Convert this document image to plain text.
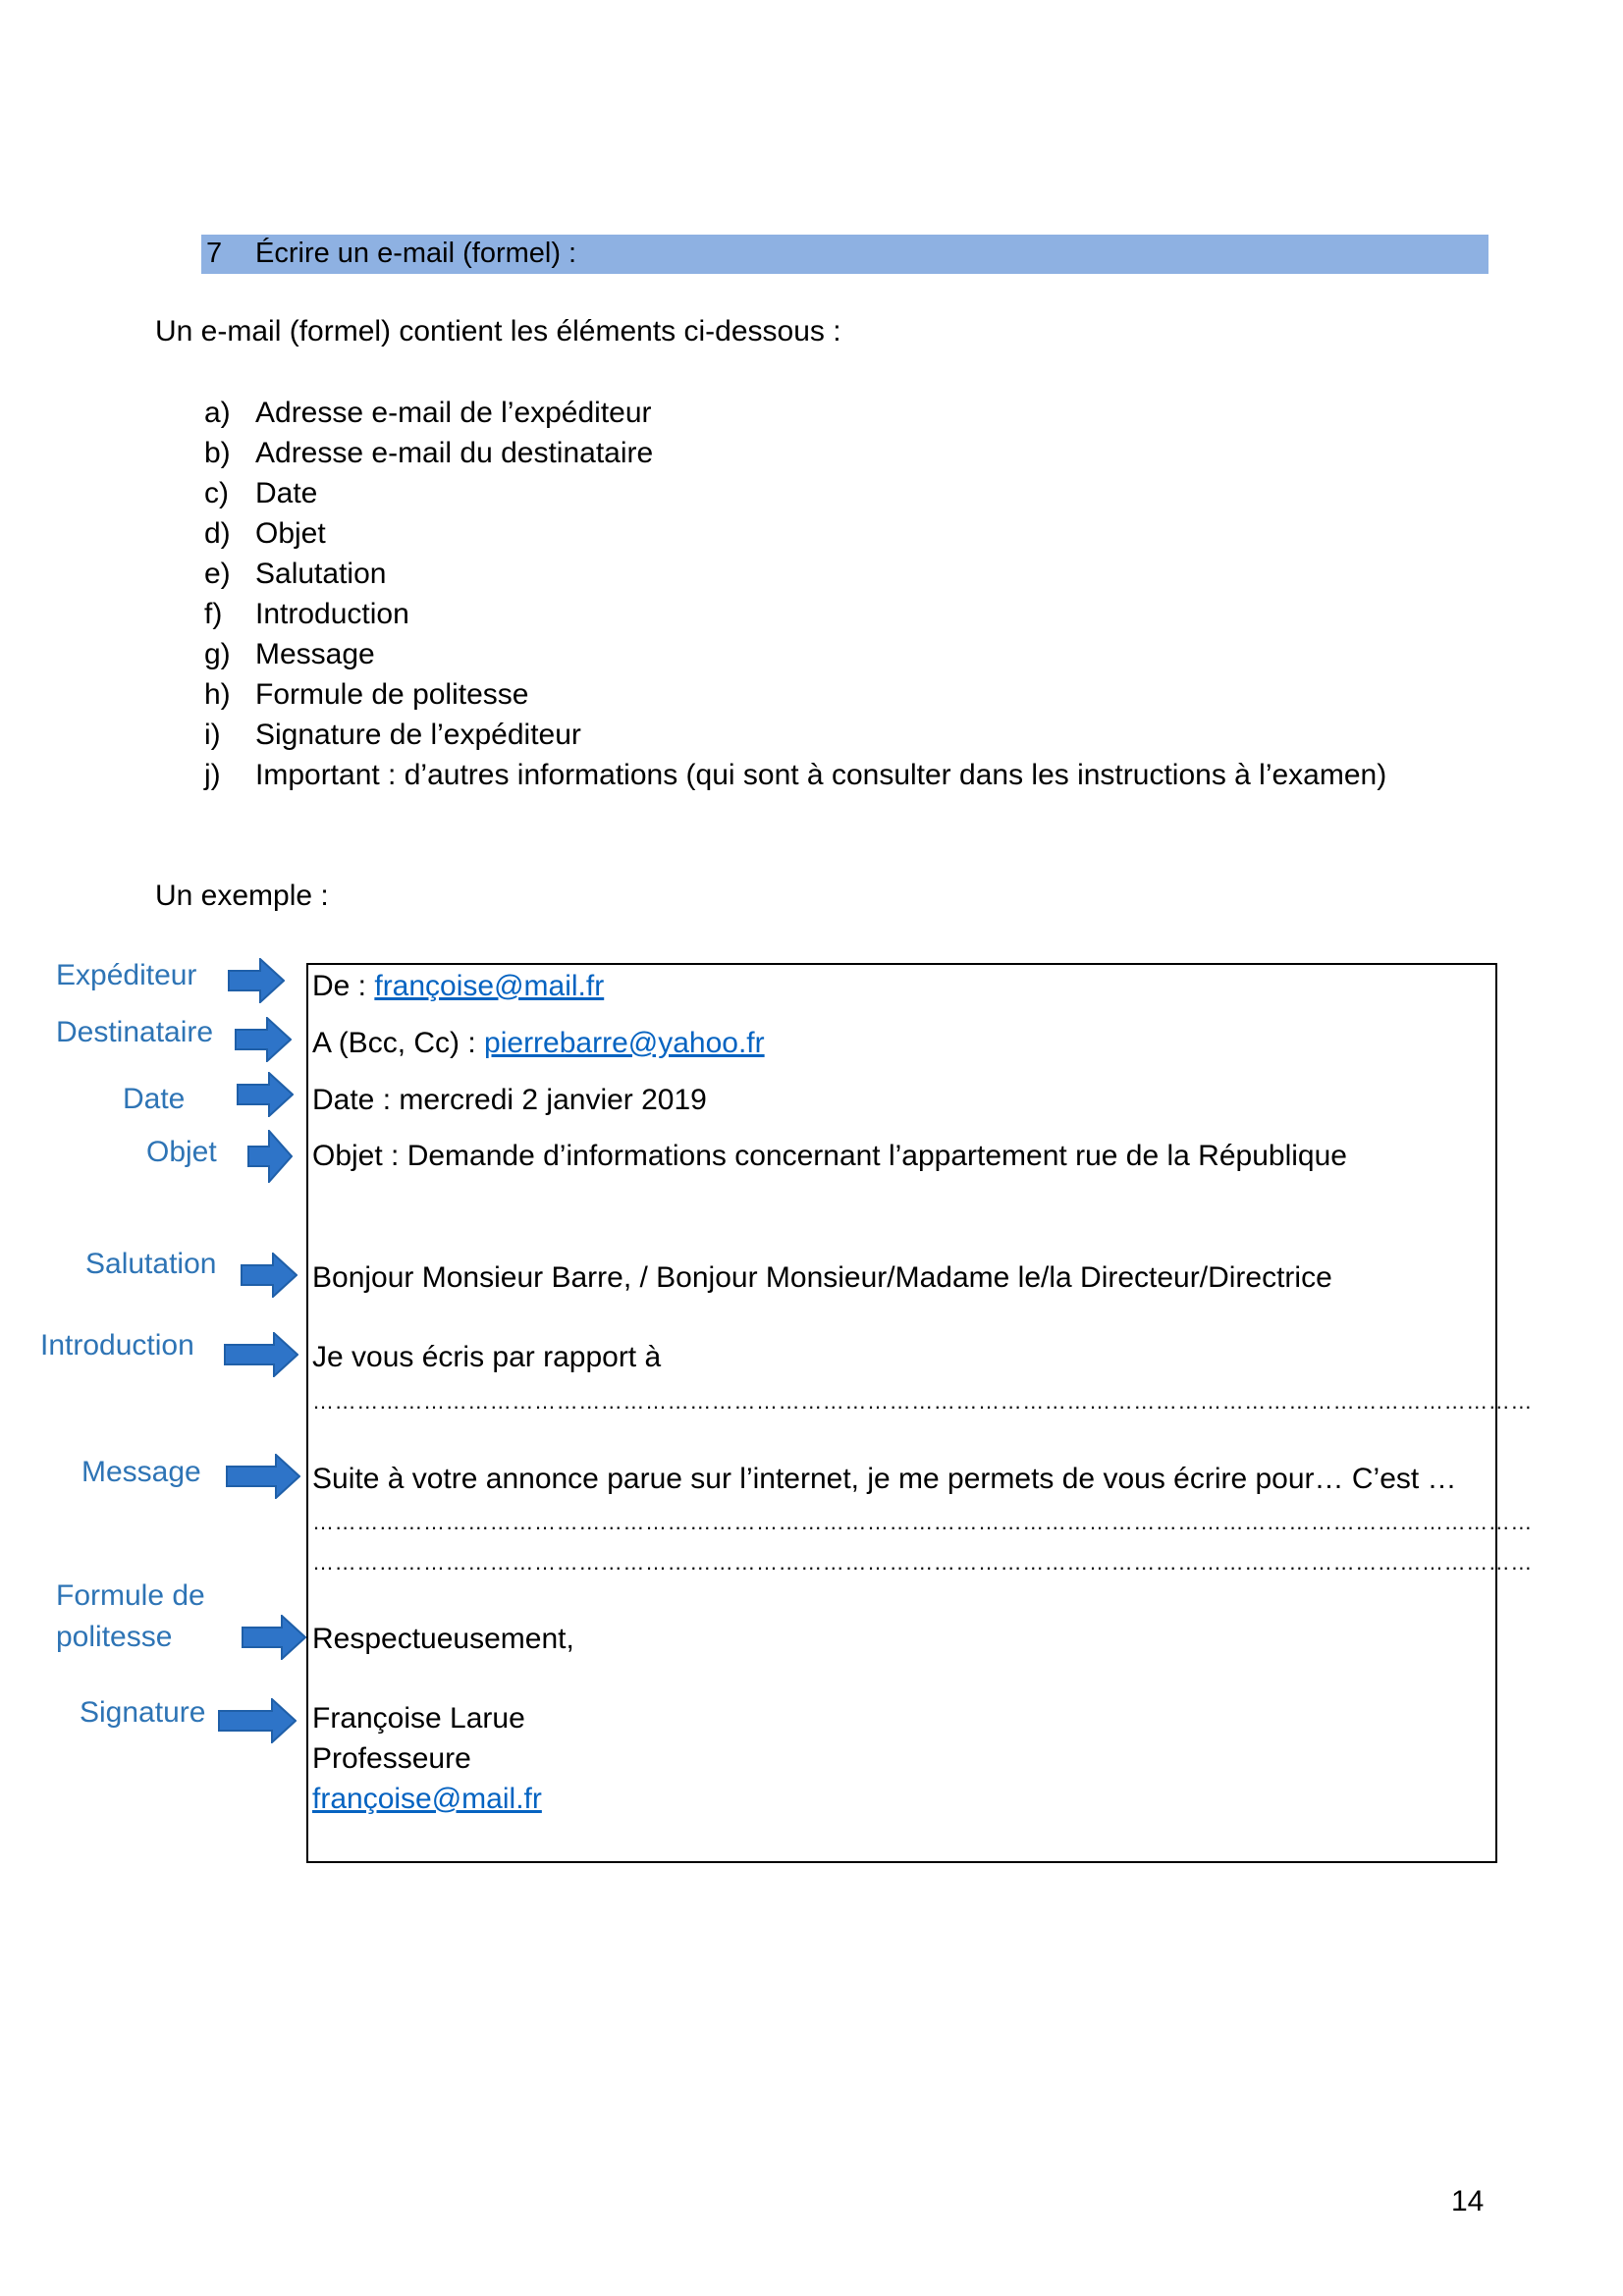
7 Écrire un e-mail (formel) :
Un e-mail (formel) contient les éléments ci-dessous :
a) Adresse e-mail de l’expéditeur
b) Adresse e-mail du destinataire
c) Date
d) Objet
e) Salutation
f) Introduction
g) Message
h) Formule de politesse
i) Signature de l’expéditeur
j) Important : d’autres informations (qui sont à consulter dans les instructions à l’examen)
Un exemple :
Expéditeur
Destinataire
Date
Objet
Salutation
Introduction
Message
Formule de
politesse
Signature
De : françoise@mail.fr
A (Bcc, Cc) : pierrebarre@yahoo.fr
Date : mercredi 2 janvier 2019
Objet : Demande d’informations concernant l’appartement rue de la République
Bonjour Monsieur Barre, / Bonjour Monsieur/Madame le/la Directeur/Directrice
Je vous écris par rapport à
…………………………………………………………………………………………………………………………………………………
Suite à votre annonce parue sur l’internet, je me permets de vous écrire pour… C’est …
…………………………………………………………………………………………………………………………………………………
…………………………………………………………………………………………………………………………………………………
Respectueusement,
Françoise Larue
Professeure
françoise@mail.fr
14
